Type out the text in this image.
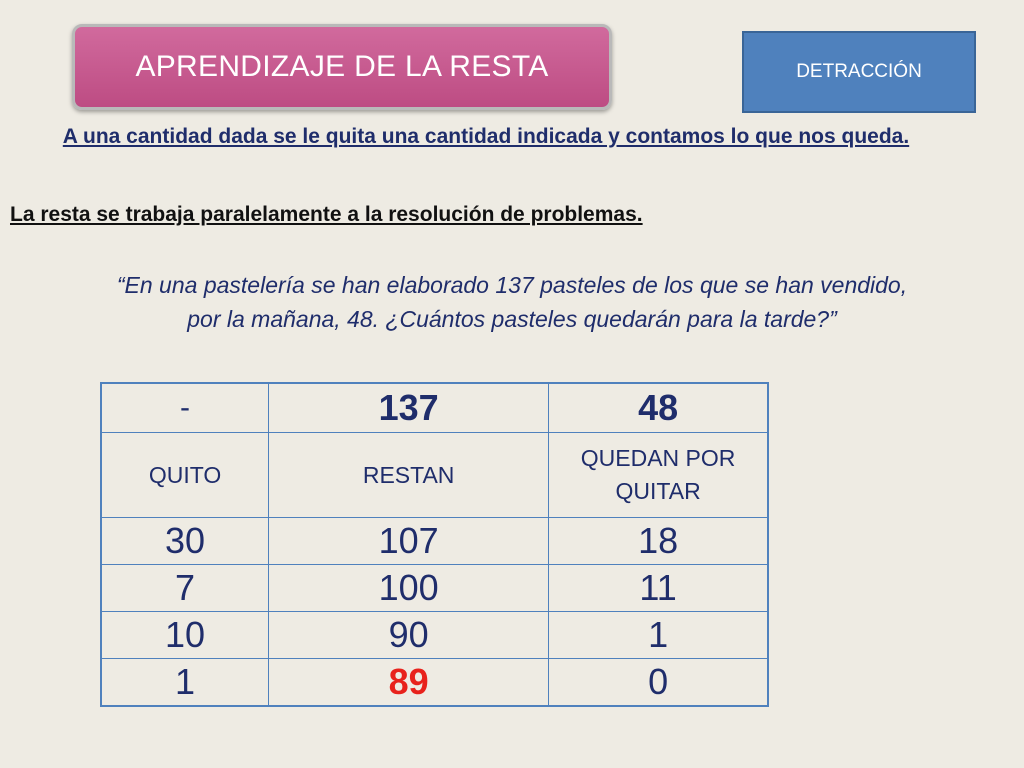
APRENDIZAJE DE LA RESTA	DETRACCIÓN
A una cantidad dada se le quita una cantidad indicada y contamos lo que nos queda.
La resta se trabaja paralelamente a la resolución de problemas.
“En una pastelería se han elaborado 137 pasteles de los que se han vendido,
por la mañana, 48. ¿Cuántos pasteles quedarán para la tarde?”
-	137	48
QUITO	RESTAN	QUEDAN POR QUITAR
30	107	18
7	100	11
10	90	1
1	89	0
